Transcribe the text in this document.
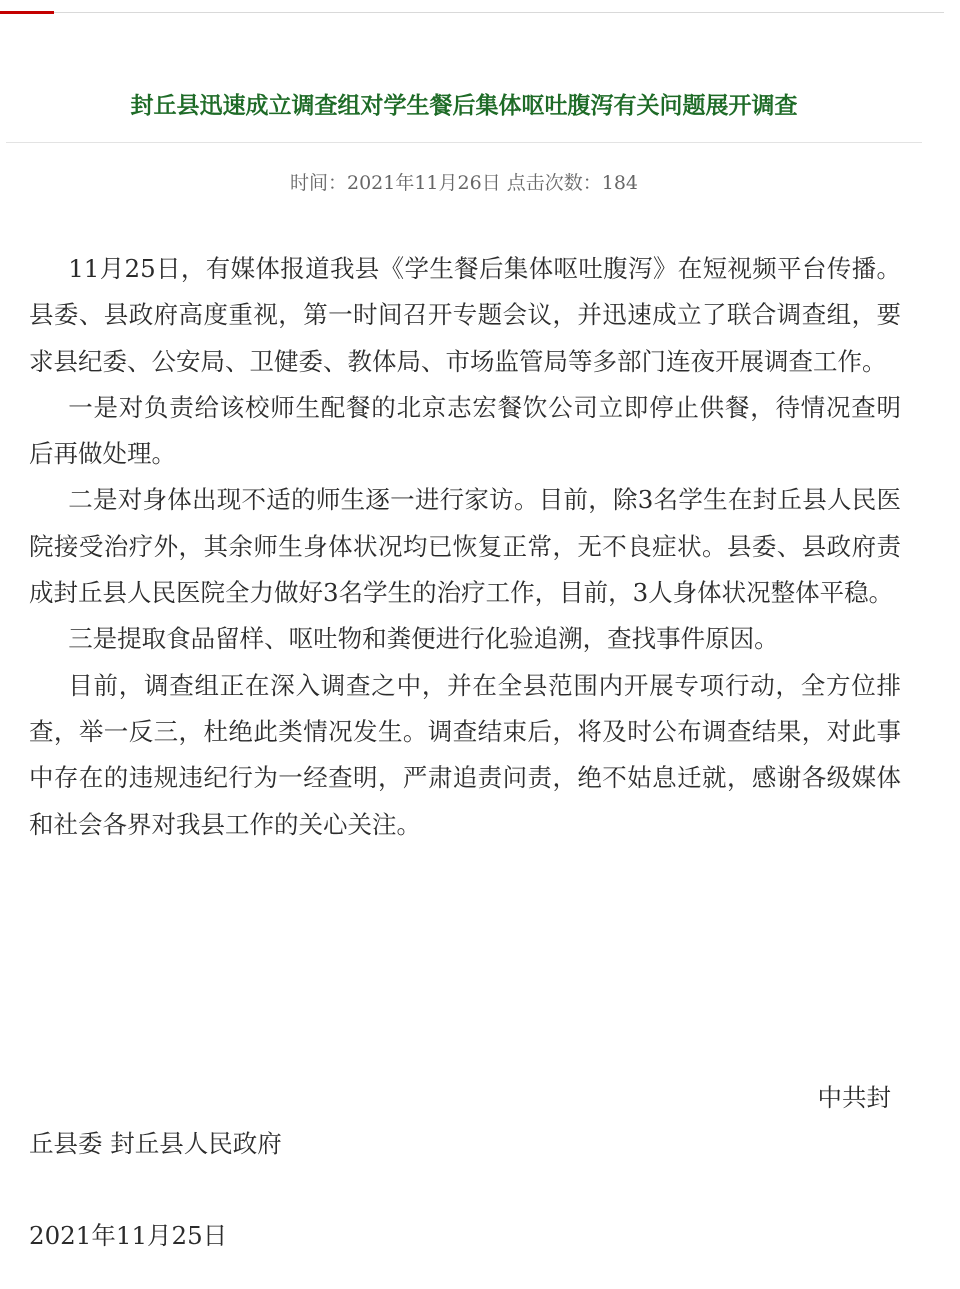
封丘县迅速成立调查组对学生餐后集体呕吐腹泻有关问题展开调查
时间：2021年11月26日 点击次数：184

11月25日，有媒体报道我县《学生餐后集体呕吐腹泻》在短视频平台传播。县委、县政府高度重视，第一时间召开专题会议，并迅速成立了联合调查组，要求县纪委、公安局、卫健委、教体局、市场监管局等多部门连夜开展调查工作。

一是对负责给该校师生配餐的北京志宏餐饮公司立即停止供餐，待情况查明后再做处理。

二是对身体出现不适的师生逐一进行家访。目前，除3名学生在封丘县人民医院接受治疗外，其余师生身体状况均已恢复正常，无不良症状。县委、县政府责成封丘县人民医院全力做好3名学生的治疗工作，目前，3人身体状况整体平稳。

三是提取食品留样、呕吐物和粪便进行化验追溯，查找事件原因。

目前，调查组正在深入调查之中，并在全县范围内开展专项行动，全方位排查，举一反三，杜绝此类情况发生。调查结束后，将及时公布调查结果，对此事中存在的违规违纪行为一经查明，严肃追责问责，绝不姑息迁就，感谢各级媒体和社会各界对我县工作的关心关注。

中共封
丘县委 封丘县人民政府
2021年11月25日
